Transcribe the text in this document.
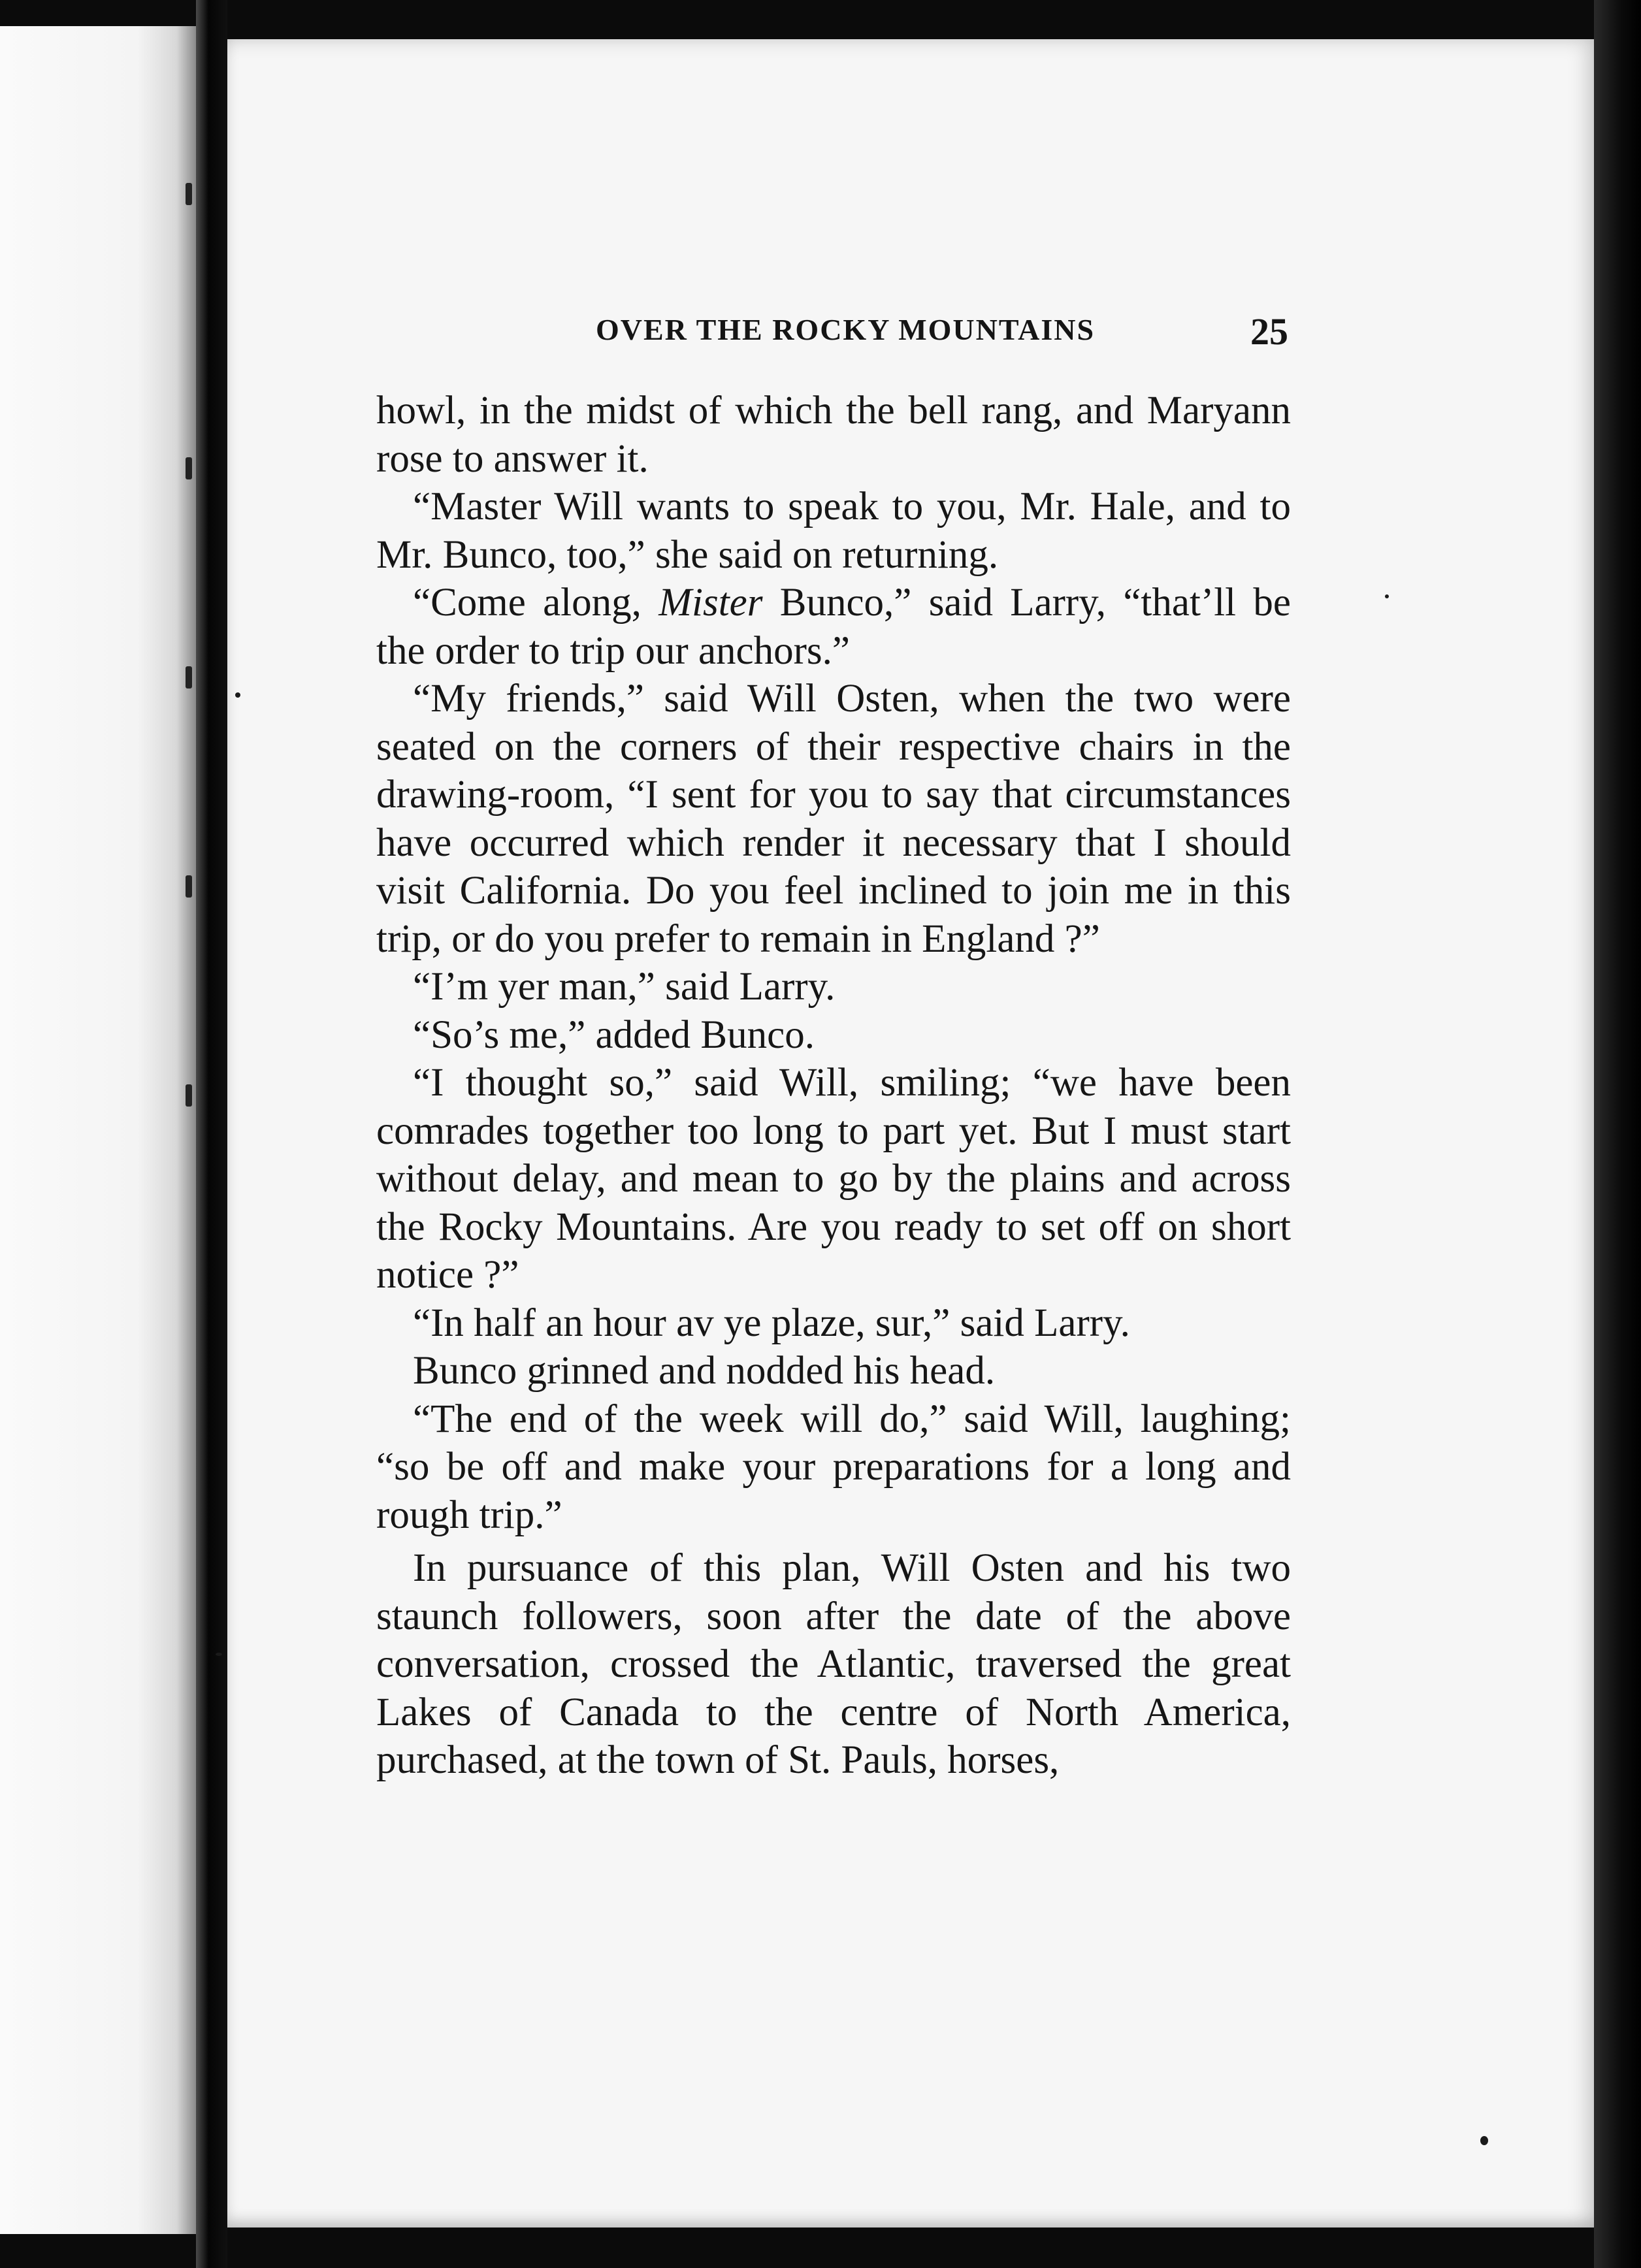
OVER THE ROCKY MOUNTAINS	25

howl, in the midst of which the bell rang, and Maryann rose to answer it.

“Master Will wants to speak to you, Mr. Hale, and to Mr. Bunco, too,” she said on returning.

“Come along, Mister Bunco,” said Larry, “that’ll be the order to trip our anchors.”

“My friends,” said Will Osten, when the two were seated on the corners of their respective chairs in the drawing-room, “I sent for you to say that circumstances have occurred which render it necessary that I should visit California. Do you feel inclined to join me in this trip, or do you prefer to remain in England ?”

“I’m yer man,” said Larry.

“So’s me,” added Bunco.

“I thought so,” said Will, smiling; “we have been comrades together too long to part yet. But I must start without delay, and mean to go by the plains and across the Rocky Mountains. Are you ready to set off on short notice ?”

“In half an hour av ye plaze, sur,” said Larry.

Bunco grinned and nodded his head.

“The end of the week will do,” said Will, laughing; “so be off and make your preparations for a long and rough trip.”

In pursuance of this plan, Will Osten and his two staunch followers, soon after the date of the above conversation, crossed the Atlantic, traversed the great Lakes of Canada to the centre of North America, purchased, at the town of St. Pauls, horses,
